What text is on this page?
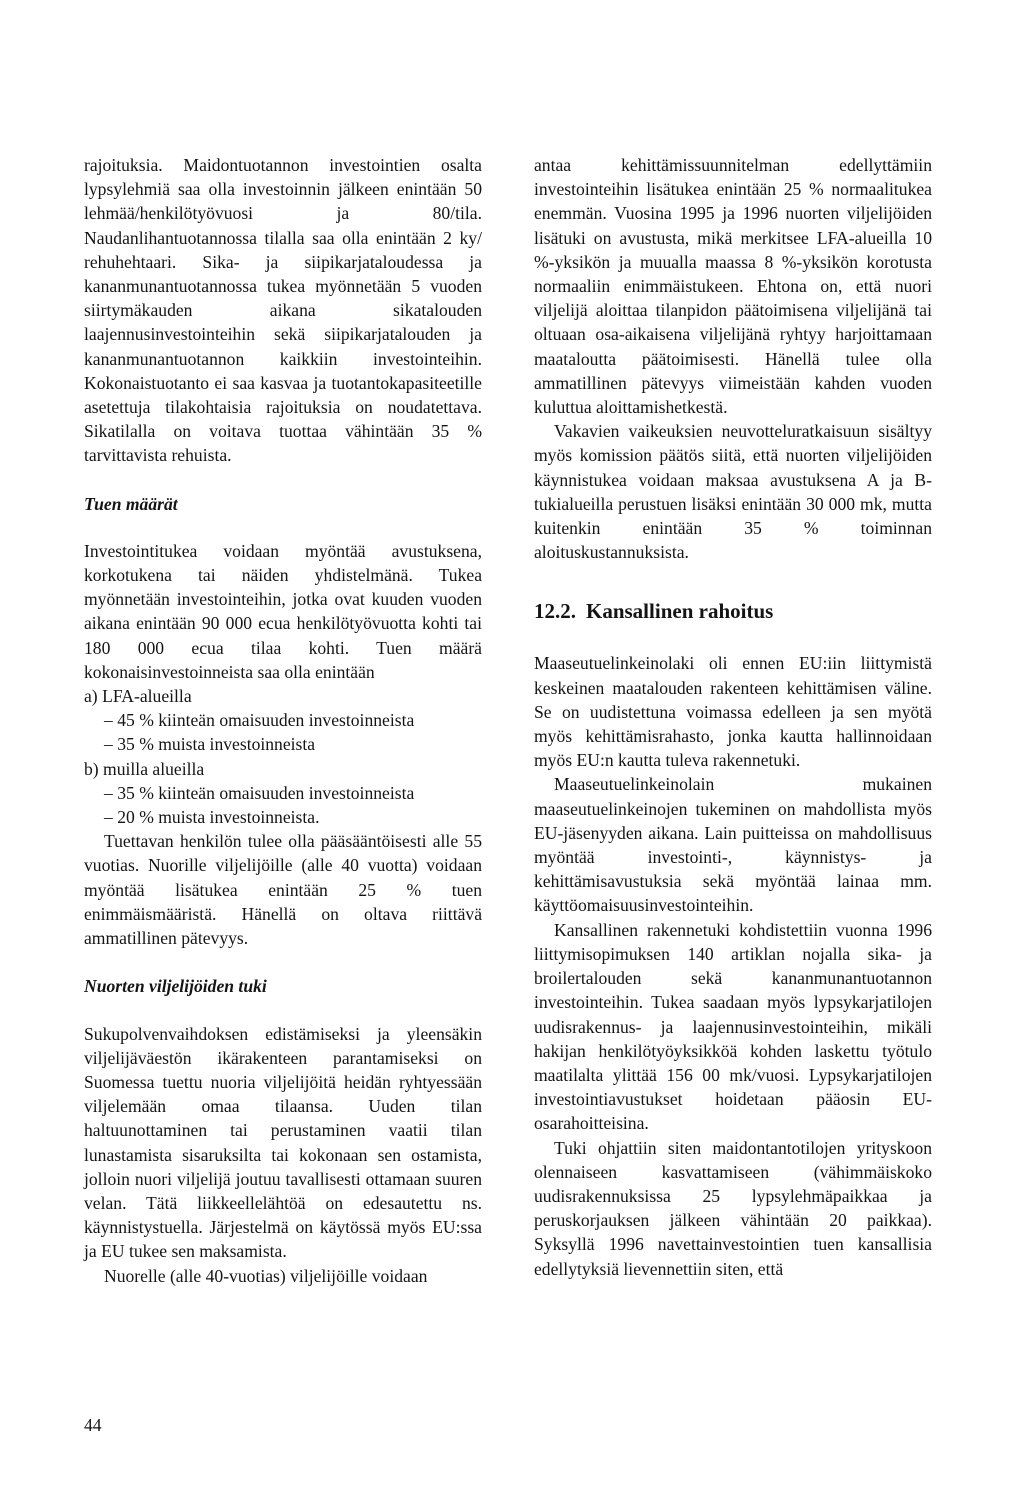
rajoituksia. Maidontuotannon investointien osalta lypsylehmiä saa olla investoinnin jälkeen enintään 50 lehmää/henkilötyövuosi ja 80/tila. Naudanlihantuotannossa tilalla saa olla enintään 2 ky/ rehuhehtaari. Sika- ja siipikarjataloudessa ja kananmunantuotannossa tukea myönnetään 5 vuoden siirtymäkauden aikana sikatalouden laajennusinvestointeihin sekä siipikarjatalouden ja kananmunantuotannon kaikkiin investointeihin. Kokonaistuotanto ei saa kasvaa ja tuotantokapasiteetille asetettuja tilakohtaisia rajoituksia on noudatettava. Sikatilalla on voitava tuottaa vähintään 35 % tarvittavista rehuista.

Tuen määrät

Investointitukea voidaan myöntää avustuksena, korkotukena tai näiden yhdistelmänä. Tukea myönnetään investointeihin, jotka ovat kuuden vuoden aikana enintään 90 000 ecua henkilötyövuotta kohti tai 180 000 ecua tilaa kohti. Tuen määrä kokonaisinvestoinneista saa olla enintään

a) LFA-alueilla
– 45 % kiinteän omaisuuden investoinneista
– 35 % muista investoinneista
b) muilla alueilla
– 35 % kiinteän omaisuuden investoinneista
– 20 % muista investoinneista.

Tuettavan henkilön tulee olla pääsääntöisesti alle 55 vuotias. Nuorille viljelijöille (alle 40 vuotta) voidaan myöntää lisätukea enintään 25 % tuen enimmäismääristä. Hänellä on oltava riittävä ammatillinen pätevyys.

Nuorten viljelijöiden tuki

Sukupolvenvaihdoksen edistämiseksi ja yleensäkin viljelijäväestön ikärakenteen parantamiseksi on Suomessa tuettu nuoria viljelijöitä heidän ryhtyessään viljelemään omaa tilaansa. Uuden tilan haltuunottaminen tai perustaminen vaatii tilan lunastamista sisaruksilta tai kokonaan sen ostamista, jolloin nuori viljelijä joutuu tavallisesti ottamaan suuren velan. Tätä liikkeellelähtöä on edesautettu ns. käynnistystuella. Järjestelmä on käytössä myös EU:ssa ja EU tukee sen maksamista.

Nuorelle (alle 40-vuotias) viljelijöille voidaan

antaa kehittämissuunnitelman edellyttämiin investointeihin lisätukea enintään 25 % normaalitukea enemmän. Vuosina 1995 ja 1996 nuorten viljelijöiden lisätuki on avustusta, mikä merkitsee LFA-alueilla 10 %-yksikön ja muualla maassa 8 %-yksikön korotusta normaaliin enimmäistukeen. Ehtona on, että nuori viljelijä aloittaa tilanpidon päätoimisena viljelijänä tai oltuaan osa-aikaisena viljelijänä ryhtyy harjoittamaan maataloutta päätoimisesti. Hänellä tulee olla ammatillinen pätevyys viimeistään kahden vuoden kuluttua aloittamishetkestä.

Vakavien vaikeuksien neuvotteluratkaisuun sisältyy myös komission päätös siitä, että nuorten viljelijöiden käynnistukea voidaan maksaa avustuksena A ja B-tukialueilla perustuen lisäksi enintään 30 000 mk, mutta kuitenkin enintään 35 % toiminnan aloituskustannuksista.

12.2. Kansallinen rahoitus

Maaseutuelinkeinolaki oli ennen EU:iin liittymistä keskeinen maatalouden rakenteen kehittämisen väline. Se on uudistettuna voimassa edelleen ja sen myötä myös kehittämisrahasto, jonka kautta hallinnoidaan myös EU:n kautta tuleva rakennetuki.

Maaseutuelinkeinolain mukainen maaseutuelinkeinojen tukeminen on mahdollista myös EU-jäsenyyden aikana. Lain puitteissa on mahdollisuus myöntää investointi-, käynnistys- ja kehittämisavustuksia sekä myöntää lainaa mm. käyttöomaisuusinvestointeihin.

Kansallinen rakennetuki kohdistettiin vuonna 1996 liittymisopimuksen 140 artiklan nojalla sika- ja broilertalouden sekä kananmunantuotannon investointeihin. Tukea saadaan myös lypsykarjatilojen uudisrakennus- ja laajennusinvestointeihin, mikäli hakijan henkilötyöyksikköä kohden laskettu työtulo maatilalta ylittää 156 00 mk/vuosi. Lypsykarjatilojen investointiavustukset hoidetaan pääosin EU-osarahoitteisina.

Tuki ohjattiin siten maidontantotilojen yrityskoon olennaiseen kasvattamiseen (vähimmäiskoko uudisrakennuksissa 25 lypsylehmäpaikkaa ja peruskorjauksen jälkeen vähintään 20 paikkaa). Syksyllä 1996 navettainvestointien tuen kansallisia edellytyksiä lievennettiin siten, että

44
